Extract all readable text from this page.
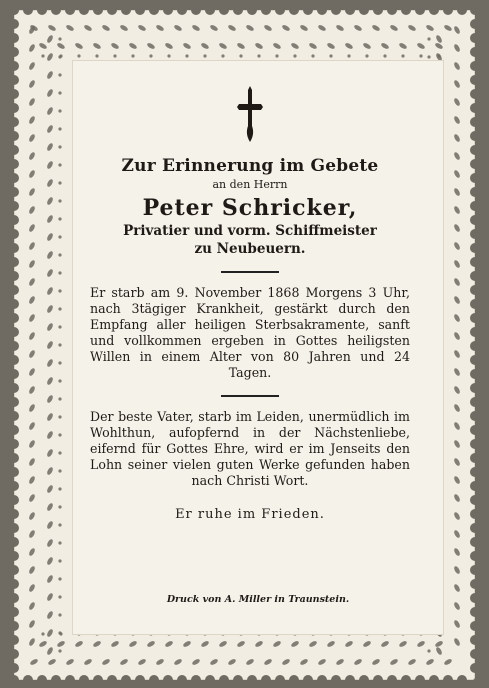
Zur Erinnerung im Gebete

an den Herrn

Peter Schricker,

Privatier und vorm. Schiffmeister

zu Neubeuern.

Er starb am 9. November 1868 Morgens 3 Uhr, nach 3tägiger Krankheit, gestärkt durch den Empfang aller heiligen Sterbsakramente, sanft und vollkommen ergeben in Gottes heiligsten Willen in einem Alter von 80 Jahren und 24 Tagen.

Der beste Vater, starb im Leiden, unermüdlich im Wohlthun, aufopfernd in der Nächstenliebe, eifernd für Gottes Ehre, wird er im Jenseits den Lohn seiner vielen guten Werke gefunden haben nach Christi Wort.

Er ruhe im Frieden.

Druck von A. Miller in Traunstein.
